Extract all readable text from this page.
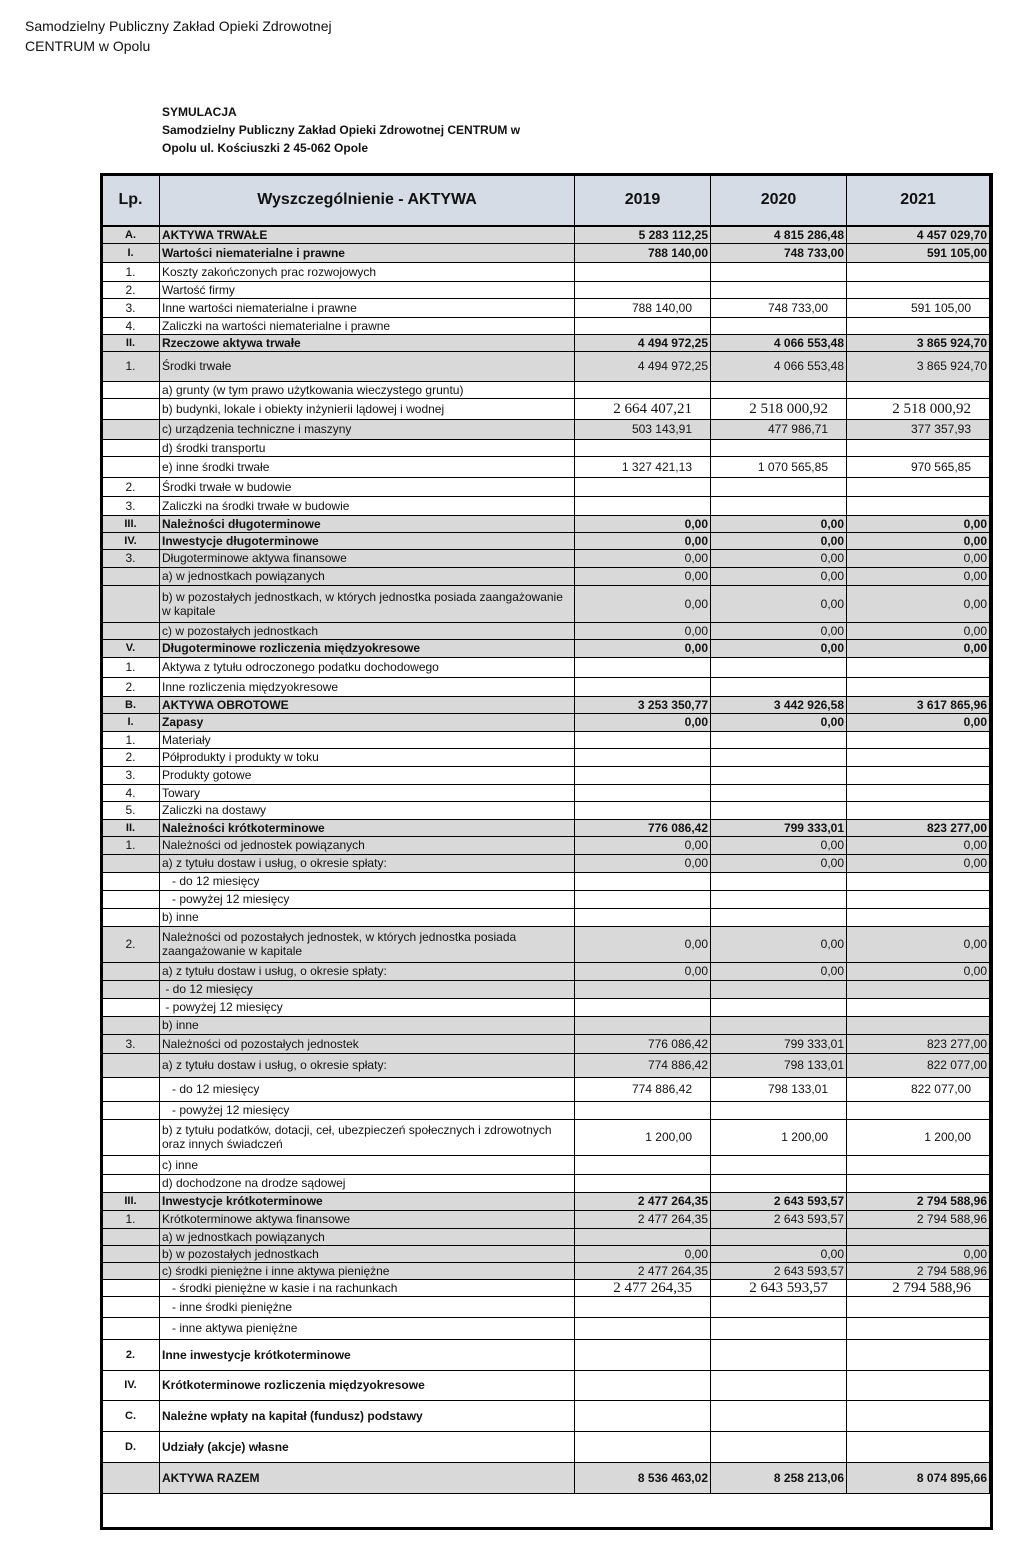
Samodzielny Publiczny Zakład Opieki Zdrowotnej
CENTRUM w Opolu
SYMULACJA
Samodzielny Publiczny Zakład Opieki Zdrowotnej CENTRUM w
Opolu ul. Kościuszki 2 45-062 Opole
Lp.	Wyszczególnienie - AKTYWA	2019	2020	2021
A.	AKTYWA TRWAŁE	5 283 112,25	4 815 286,48	4 457 029,70
I.	Wartości niematerialne i prawne	788 140,00	748 733,00	591 105,00
1.	Koszty zakończonych prac rozwojowych			
2.	Wartość firmy			
3.	Inne wartości niematerialne i prawne	788 140,00	748 733,00	591 105,00
4.	Zaliczki na wartości niematerialne i prawne			
II.	Rzeczowe aktywa trwałe	4 494 972,25	4 066 553,48	3 865 924,70
1.	Środki trwałe	4 494 972,25	4 066 553,48	3 865 924,70
	a) grunty (w tym prawo użytkowania wieczystego gruntu)			
	b) budynki, lokale i obiekty inżynierii lądowej i wodnej	2 664 407,21	2 518 000,92	2 518 000,92
	c) urządzenia techniczne i maszyny	503 143,91	477 986,71	377 357,93
	d) środki transportu			
	e) inne środki trwałe	1 327 421,13	1 070 565,85	970 565,85
2.	Środki trwałe w budowie			
3.	Zaliczki na środki trwałe w budowie			
III.	Należności długoterminowe	0,00	0,00	0,00
IV.	Inwestycje długoterminowe	0,00	0,00	0,00
3.	Długoterminowe aktywa finansowe	0,00	0,00	0,00
	a) w jednostkach powiązanych	0,00	0,00	0,00
	b) w pozostałych jednostkach, w których jednostka posiada zaangażowanie w kapitale	0,00	0,00	0,00
	c) w pozostałych jednostkach	0,00	0,00	0,00
V.	Długoterminowe rozliczenia międzyokresowe	0,00	0,00	0,00
1.	Aktywa z tytułu odroczonego podatku dochodowego			
2.	Inne rozliczenia międzyokresowe			
B.	AKTYWA OBROTOWE	3 253 350,77	3 442 926,58	3 617 865,96
I.	Zapasy	0,00	0,00	0,00
1.	Materiały			
2.	Półprodukty i produkty w toku			
3.	Produkty gotowe			
4.	Towary			
5.	Zaliczki na dostawy			
II.	Należności krótkoterminowe	776 086,42	799 333,01	823 277,00
1.	Należności od jednostek powiązanych	0,00	0,00	0,00
	a) z tytułu dostaw i usług, o okresie spłaty:	0,00	0,00	0,00
	- do 12 miesięcy			
	- powyżej 12 miesięcy			
	b) inne			
2.	Należności od pozostałych jednostek, w których jednostka posiada zaangażowanie w kapitale	0,00	0,00	0,00
	a) z tytułu dostaw i usług, o okresie spłaty:	0,00	0,00	0,00
	- do 12 miesięcy			
	- powyżej 12 miesięcy			
	b) inne			
3.	Należności od pozostałych jednostek	776 086,42	799 333,01	823 277,00
	a) z tytułu dostaw i usług, o okresie spłaty:	774 886,42	798 133,01	822 077,00
	- do 12 miesięcy	774 886,42	798 133,01	822 077,00
	- powyżej 12 miesięcy			
	b) z tytułu podatków, dotacji, ceł, ubezpieczeń społecznych i zdrowotnych oraz innych świadczeń	1 200,00	1 200,00	1 200,00
	c) inne			
	d) dochodzone na drodze sądowej			
III.	Inwestycje krótkoterminowe	2 477 264,35	2 643 593,57	2 794 588,96
1.	Krótkoterminowe aktywa finansowe	2 477 264,35	2 643 593,57	2 794 588,96
	a) w jednostkach powiązanych			
	b) w pozostałych jednostkach	0,00	0,00	0,00
	c) środki pieniężne i inne aktywa pieniężne	2 477 264,35	2 643 593,57	2 794 588,96
	- środki pieniężne w kasie i na rachunkach	2 477 264,35	2 643 593,57	2 794 588,96
	- inne środki pieniężne			
	- inne aktywa pieniężne			
2.	Inne inwestycje krótkoterminowe			
IV.	Krótkoterminowe rozliczenia międzyokresowe			
C.	Należne wpłaty na kapitał (fundusz) podstawy			
D.	Udziały (akcje) własne			
	AKTYWA RAZEM	8 536 463,02	8 258 213,06	8 074 895,66
